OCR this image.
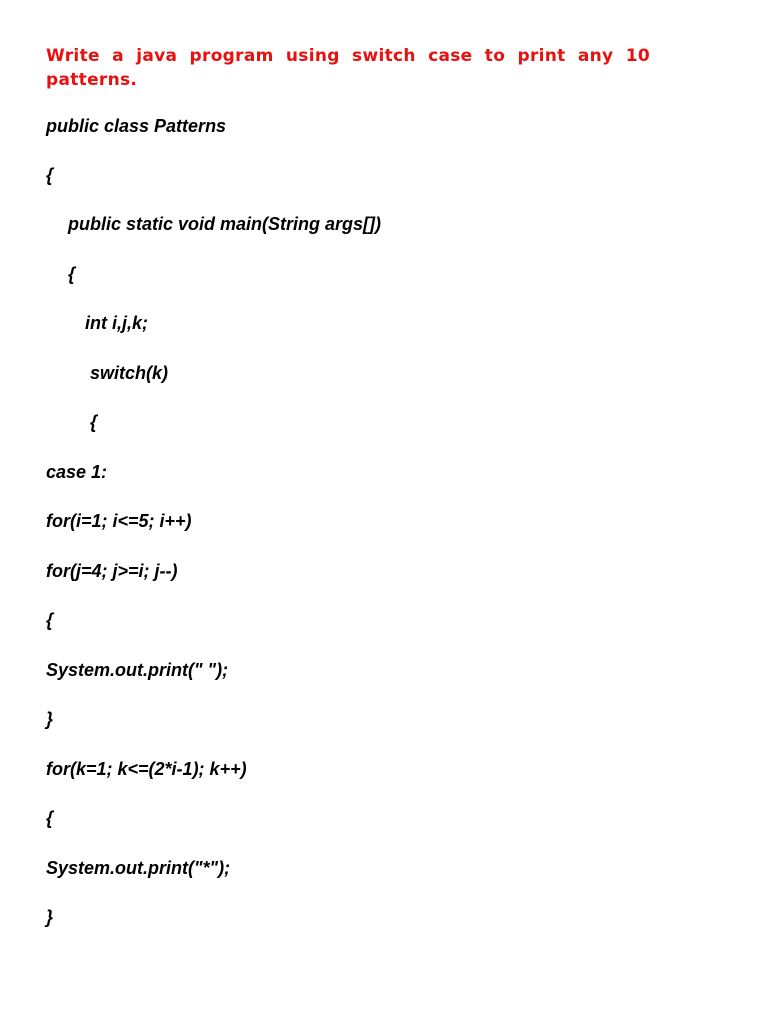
Write a java program using switch case to print any 10 patterns.

public class Patterns

{

public static void main(String args[])

{

int i,j,k;

switch(k)

{

case 1:

for(i=1; i<=5; i++)

for(j=4; j>=i; j--)

{

System.out.print(" ");

}

for(k=1; k<=(2*i-1); k++)

{

System.out.print("*");

}
